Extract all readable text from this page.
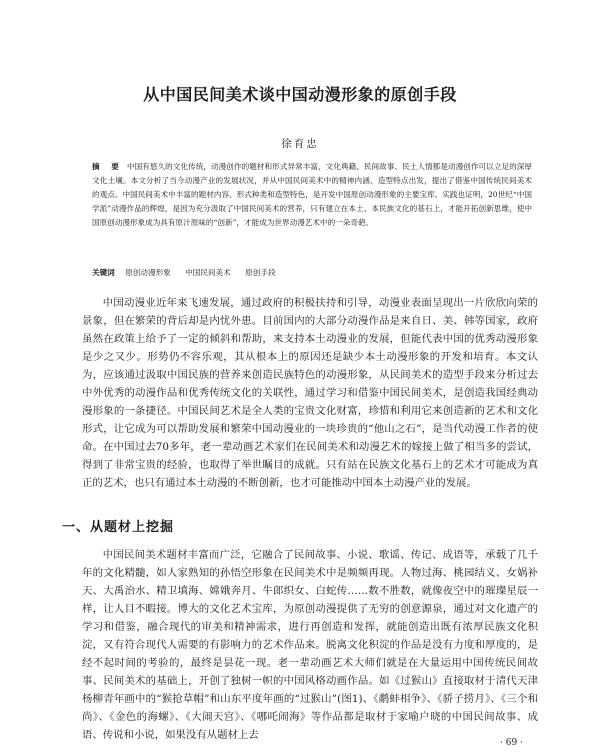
从中国民间美术谈中国动漫形象的原创手段
徐育忠
摘　要 中国有悠久的文化传统，动漫创作的题材和形式异常丰富，文化典籍、民间故事、民土人情都是动漫创作可以立足的深厚文化土壤。本文分析了当今动漫产业的发展状况，并从中国民间美术中的精神内涵、造型特点出发，提出了借鉴中国传统民间美术的观点。中国民间美术中丰富的题材内容、形式种类和造型特色，是开发中国原创动漫形象的主要宝库。实践也证明，20世纪“中国学派”动漫作品的辉煌，是因为充分汲取了中国民间美术的营养，只有建立在本土、本民族文化的基石上，才能开拓创新思维，使中国原创动漫形象成为具有原汁原味的“创新”，才能成为世界动漫艺术中的一朵奇葩。
关键词 原创动漫形象 中国民间美术 原创手段
中国动漫业近年来飞速发展，通过政府的积极扶持和引导，动漫业表面呈现出一片欣欣向荣的景象，但在繁荣的背后却是内忧外患。目前国内的大部分动漫作品是来自日、美、韩等国家，政府虽然在政策上给予了一定的倾斜和帮助，来支持本土动漫业的发展，但能代表中国的优秀动漫形象是少之又少。形势仍不容乐观，其从根本上的原因还是缺少本土动漫形象的开发和培育。本文认为，应该通过汲取中国民族的营养来创造民族特色的动漫形象，从民间美术的造型手段来分析过去中外优秀的动漫作品和优秀传统文化的关联性，通过学习和借鉴中国民间美术，是创造我国经典动漫形象的一条捷径。中国民间艺术是全人类的宝贵文化财富，珍惜和利用它来创造新的艺术和文化形式，让它成为可以帮助发展和繁荣中国动漫业的一块珍贵的“他山之石”，是当代动漫工作者的使命。在中国过去70多年，老一辈动画艺术家们在民间美术和动漫艺术的嫁接上做了相当多的尝试，得到了非常宝贵的经验，也取得了举世瞩目的成就。只有站在民族文化基石上的艺术才可能成为真正的艺术，也只有通过本土动漫的不断创新，也才可能推动中国本土动漫产业的发展。
一、从题材上挖掘
中国民间美术题材丰富而广泛，它融合了民间故事、小说、歌谣、传记、成语等，承载了几千年的文化精髓，如人家熟知的孙悟空形象在民间美术中是频频再现。人物过海、桃园结义、女娲补天、大禹治水、精卫填海、嫦娥奔月、牛郎织女、白蛇传……数不胜数，就像夜空中的璀璨星辰一样，让人目不暇接。博大的文化艺术宝库，为原创动漫提供了无穷的创意源泉，通过对文化遗产的学习和借鉴，融合现代的审美和精神需求，进行再创造和发挥，就能创造出既有浓厚民族文化积淀，又有符合现代人需要的有影响力的艺术作品来。脱离文化积淀的作品是没有力度和厚度的，是经不起时间的考验的，最终是昙花一现。老一辈动画艺术大师们就是在大量运用中国传统民间故事、民间美术的基础上，开创了独树一帜的中国风格动画作品。如《过猴山》直接取材于清代天津杨柳青年画中的“猴抢草帽”和山东平度年画的“过猴山”(图1)、《鹬蚌相争》、《骄子捞月》、《三个和尚》、《金色的海螺》、《大闹天宫》、《哪吒闹海》等作品都是取材于家喻户晓的中国民间故事、成语、传说和小说，如果没有从题材上去
· 69 ·
